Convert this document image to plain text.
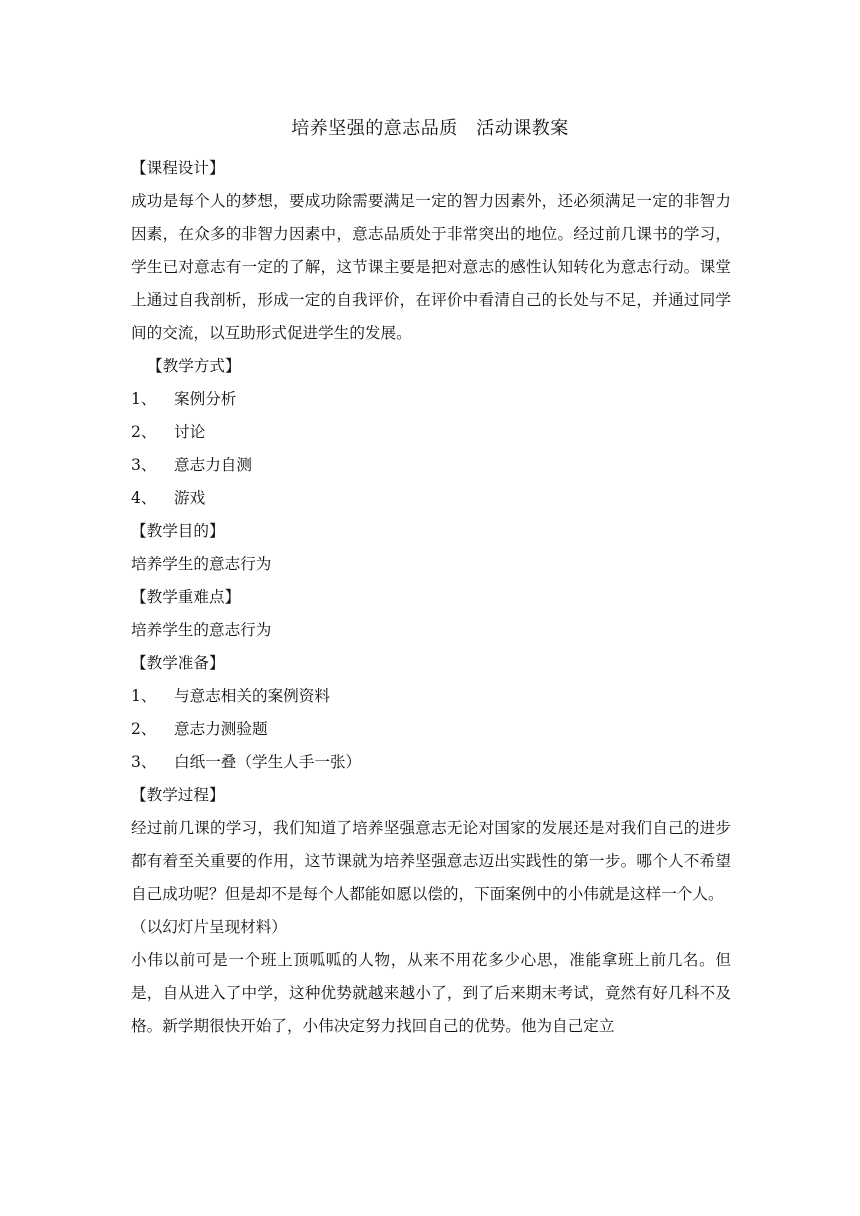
培养坚强的意志品质　活动课教案
【课程设计】
成功是每个人的梦想，要成功除需要满足一定的智力因素外，还必须满足一定的非智力因素，在众多的非智力因素中，意志品质处于非常突出的地位。经过前几课书的学习，学生已对意志有一定的了解，这节课主要是把对意志的感性认知转化为意志行动。课堂上通过自我剖析，形成一定的自我评价，在评价中看清自己的长处与不足，并通过同学间的交流，以互助形式促进学生的发展。
【教学方式】
1、 案例分析
2、 讨论
3、 意志力自测
4、 游戏
【教学目的】
培养学生的意志行为
【教学重难点】
培养学生的意志行为
【教学准备】
1、 与意志相关的案例资料
2、 意志力测验题
3、 白纸一叠（学生人手一张）
【教学过程】
经过前几课的学习，我们知道了培养坚强意志无论对国家的发展还是对我们自己的进步都有着至关重要的作用，这节课就为培养坚强意志迈出实践性的第一步。哪个人不希望自己成功呢？但是却不是每个人都能如愿以偿的，下面案例中的小伟就是这样一个人。
（以幻灯片呈现材料）
小伟以前可是一个班上顶呱呱的人物，从来不用花多少心思，准能拿班上前几名。但是，自从进入了中学，这种优势就越来越小了，到了后来期末考试，竟然有好几科不及格。新学期很快开始了，小伟决定努力找回自己的优势。他为自己定立
